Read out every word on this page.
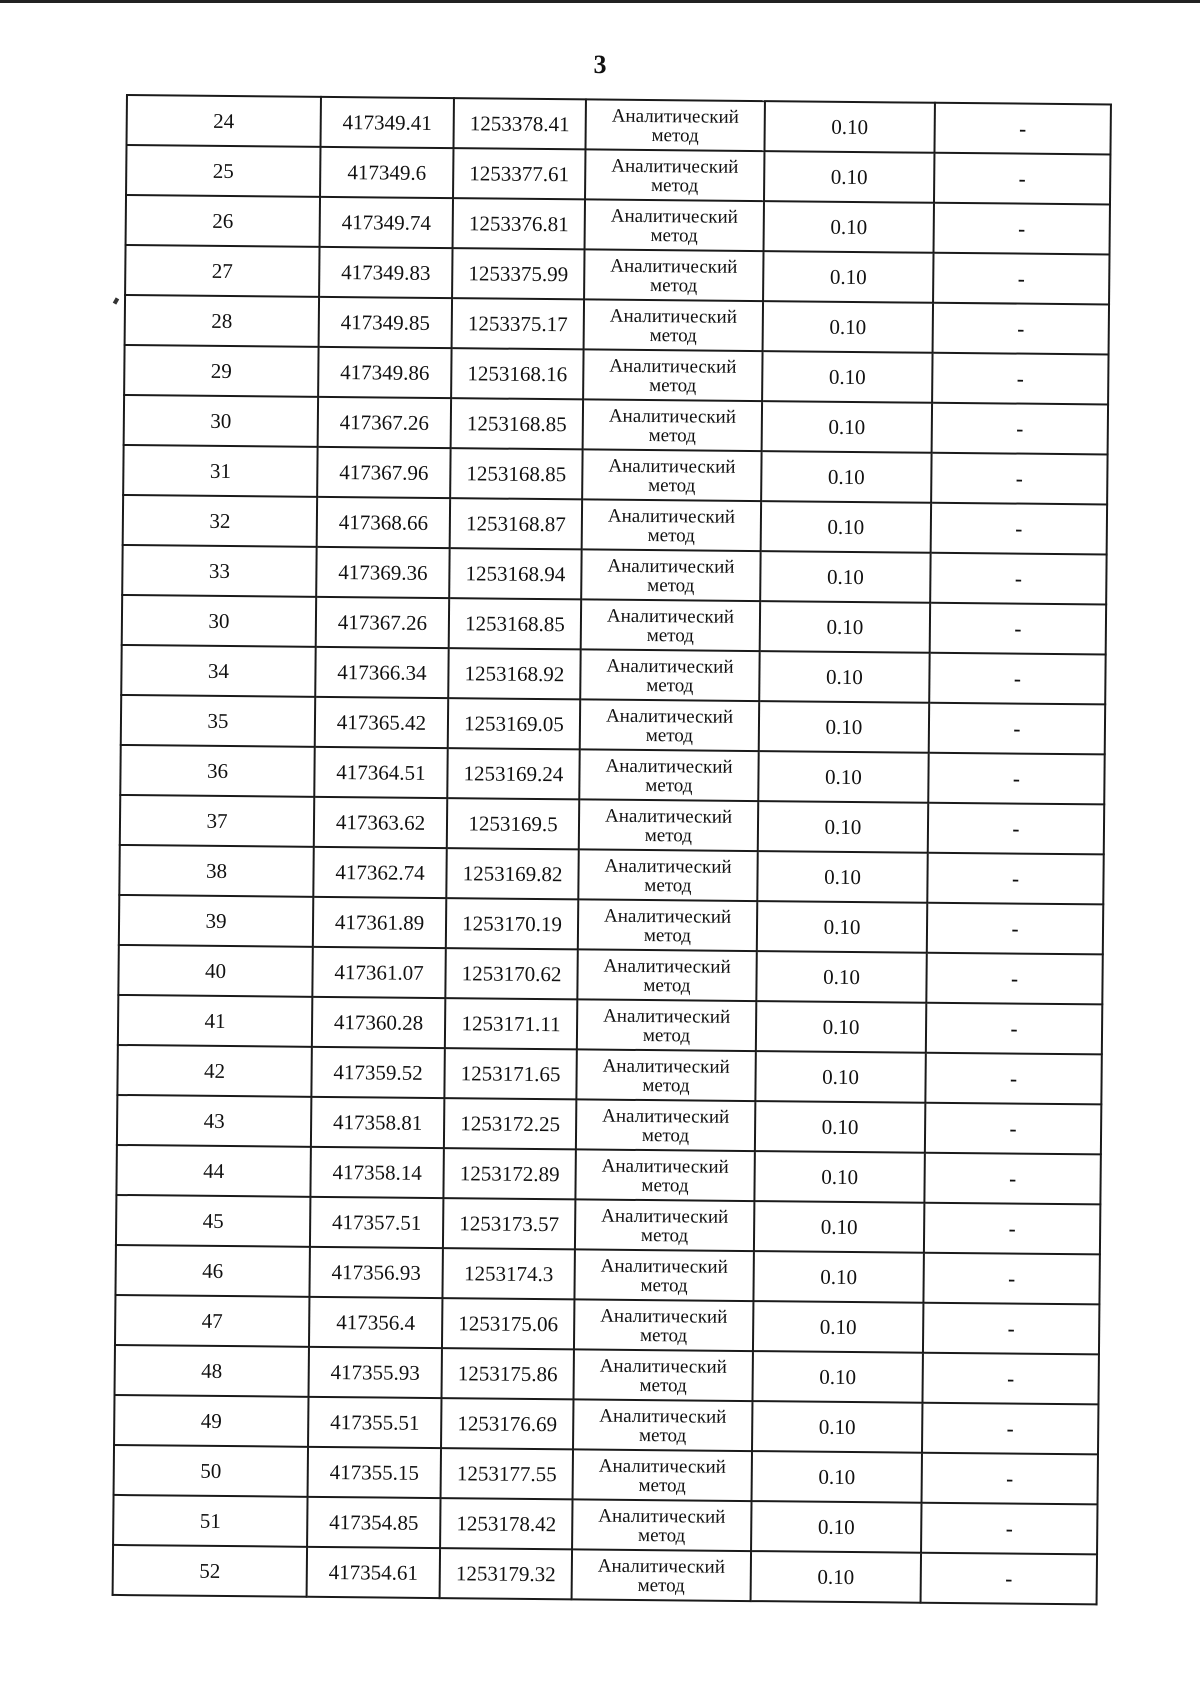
3
24	417349.41	1253378.41	Аналитический метод	0.10	-
25	417349.6	1253377.61	Аналитический метод	0.10	-
26	417349.74	1253376.81	Аналитический метод	0.10	-
27	417349.83	1253375.99	Аналитический метод	0.10	-
28	417349.85	1253375.17	Аналитический метод	0.10	-
29	417349.86	1253168.16	Аналитический метод	0.10	-
30	417367.26	1253168.85	Аналитический метод	0.10	-
31	417367.96	1253168.85	Аналитический метод	0.10	-
32	417368.66	1253168.87	Аналитический метод	0.10	-
33	417369.36	1253168.94	Аналитический метод	0.10	-
30	417367.26	1253168.85	Аналитический метод	0.10	-
34	417366.34	1253168.92	Аналитический метод	0.10	-
35	417365.42	1253169.05	Аналитический метод	0.10	-
36	417364.51	1253169.24	Аналитический метод	0.10	-
37	417363.62	1253169.5	Аналитический метод	0.10	-
38	417362.74	1253169.82	Аналитический метод	0.10	-
39	417361.89	1253170.19	Аналитический метод	0.10	-
40	417361.07	1253170.62	Аналитический метод	0.10	-
41	417360.28	1253171.11	Аналитический метод	0.10	-
42	417359.52	1253171.65	Аналитический метод	0.10	-
43	417358.81	1253172.25	Аналитический метод	0.10	-
44	417358.14	1253172.89	Аналитический метод	0.10	-
45	417357.51	1253173.57	Аналитический метод	0.10	-
46	417356.93	1253174.3	Аналитический метод	0.10	-
47	417356.4	1253175.06	Аналитический метод	0.10	-
48	417355.93	1253175.86	Аналитический метод	0.10	-
49	417355.51	1253176.69	Аналитический метод	0.10	-
50	417355.15	1253177.55	Аналитический метод	0.10	-
51	417354.85	1253178.42	Аналитический метод	0.10	-
52	417354.61	1253179.32	Аналитический метод	0.10	-
